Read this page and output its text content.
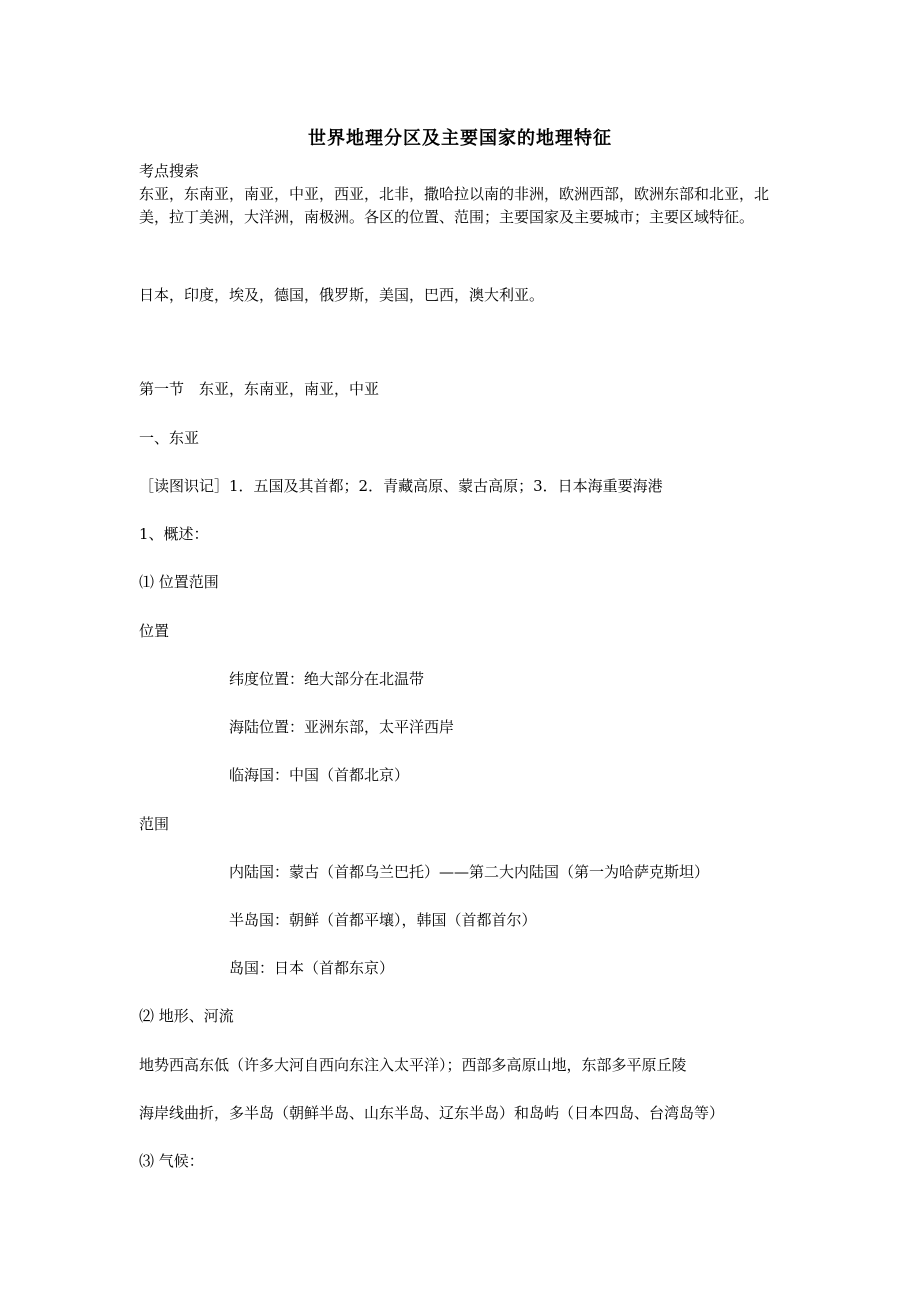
世界地理分区及主要国家的地理特征
考点搜索
东亚，东南亚，南亚，中亚，西亚，北非，撒哈拉以南的非洲，欧洲西部，欧洲东部和北亚，北美，拉丁美洲，大洋洲，南极洲。各区的位置、范围；主要国家及主要城市；主要区域特征。
日本，印度，埃及，德国，俄罗斯，美国，巴西，澳大利亚。
第一节　东亚，东南亚，南亚，中亚
一、东亚
［读图识记］1．五国及其首都；2．青藏高原、蒙古高原；3．日本海重要海港
1、概述：
⑴ 位置范围
位置
纬度位置：绝大部分在北温带
海陆位置：亚洲东部，太平洋西岸
临海国：中国（首都北京）
范围
内陆国：蒙古（首都乌兰巴托）——第二大内陆国（第一为哈萨克斯坦）
半岛国：朝鲜（首都平壤），韩国（首都首尔）
岛国：日本（首都东京）
⑵ 地形、河流
地势西高东低（许多大河自西向东注入太平洋）；西部多高原山地，东部多平原丘陵
海岸线曲折，多半岛（朝鲜半岛、山东半岛、辽东半岛）和岛屿（日本四岛、台湾岛等）
⑶ 气候：
